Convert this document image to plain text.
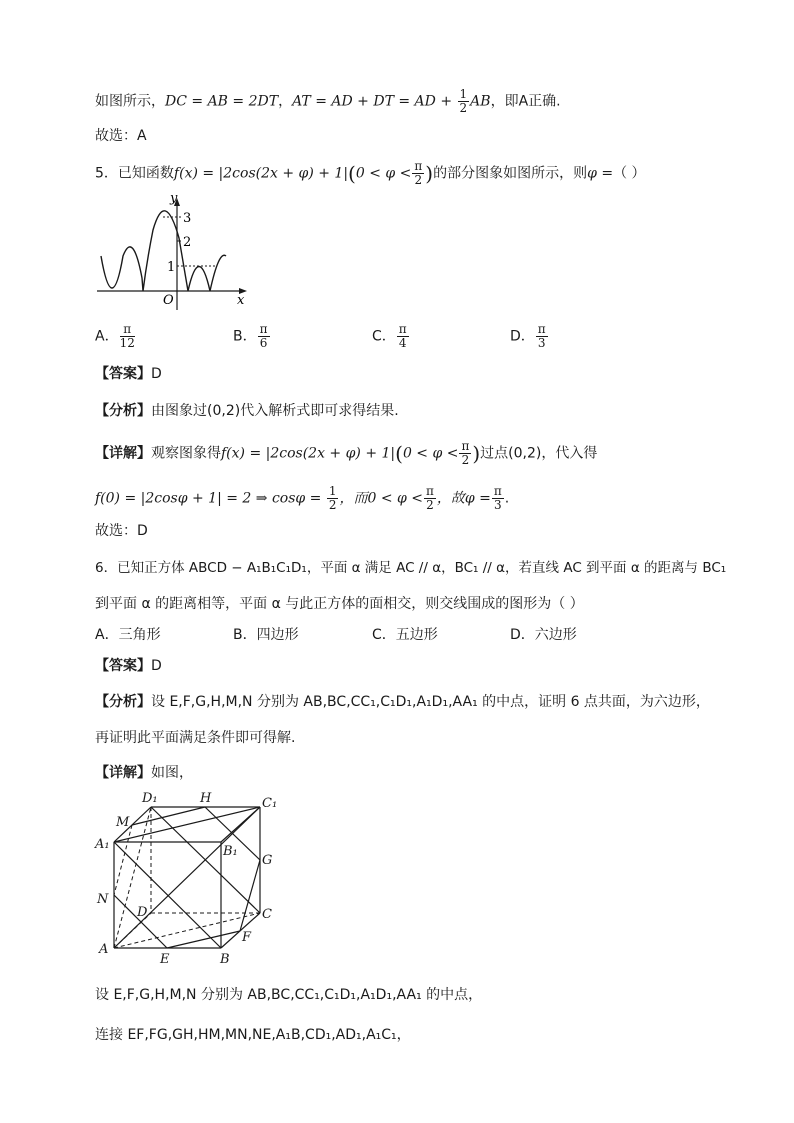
如图所示，DC = AB = 2DT，AT = AD + DT = AD + $\frac{1}{2}$ AB，即A正确.
故选：A
5．已知函数$f(x) = |2\cos(2x + \varphi) + 1|(0 < \varphi < \frac{\pi}{2}$ )的部分图象如图所示，则φ =（ ）
y
x
O
3
2
1
A． $\frac{\pi}{12}$	B． $\frac{\pi}{6}$	C． $\frac{\pi}{4}$	D． $\frac{\pi}{3}$
【答案】D
【分析】由图象过(0,2)代入解析式即可求得结果.
【详解】观察图象得$f(x) = |2\cos(2x + \varphi) + 1|(0 < \varphi < \frac{\pi}{2}$ )过点(0,2)，代入得
f(0) = |2cosφ + 1| = 2 ⇒ $\cos\varphi = \frac{1}{2}$ ，而$0 < \varphi < \frac{\pi}{2}$ ，故$\varphi = \frac{\pi}{3}$ .
故选：D
6．已知正方体 ABCD − A₁B₁C₁D₁，平面 α 满足 AC // α，BC₁ // α，若直线 AC 到平面 α 的距离与 BC₁
到平面 α 的距离相等，平面 α 与此正方体的面相交，则交线围成的图形为（ ）
A．三角形	B．四边形	C．五边形	D．六边形
【答案】D
【分析】设 E,F,G,H,M,N 分别为 AB,BC,CC₁,C₁D₁,A₁D₁,AA₁ 的中点，证明 6 点共面，为六边形，
再证明此平面满足条件即可得解.
【详解】如图，
D₁	H	C₁
M
A₁	B₁
G
N
D	C
F
A
E	B
设 E,F,G,H,M,N 分别为 AB,BC,CC₁,C₁D₁,A₁D₁,AA₁ 的中点，
连接 EF,FG,GH,HM,MN,NE,A₁B,CD₁,AD₁,A₁C₁，
